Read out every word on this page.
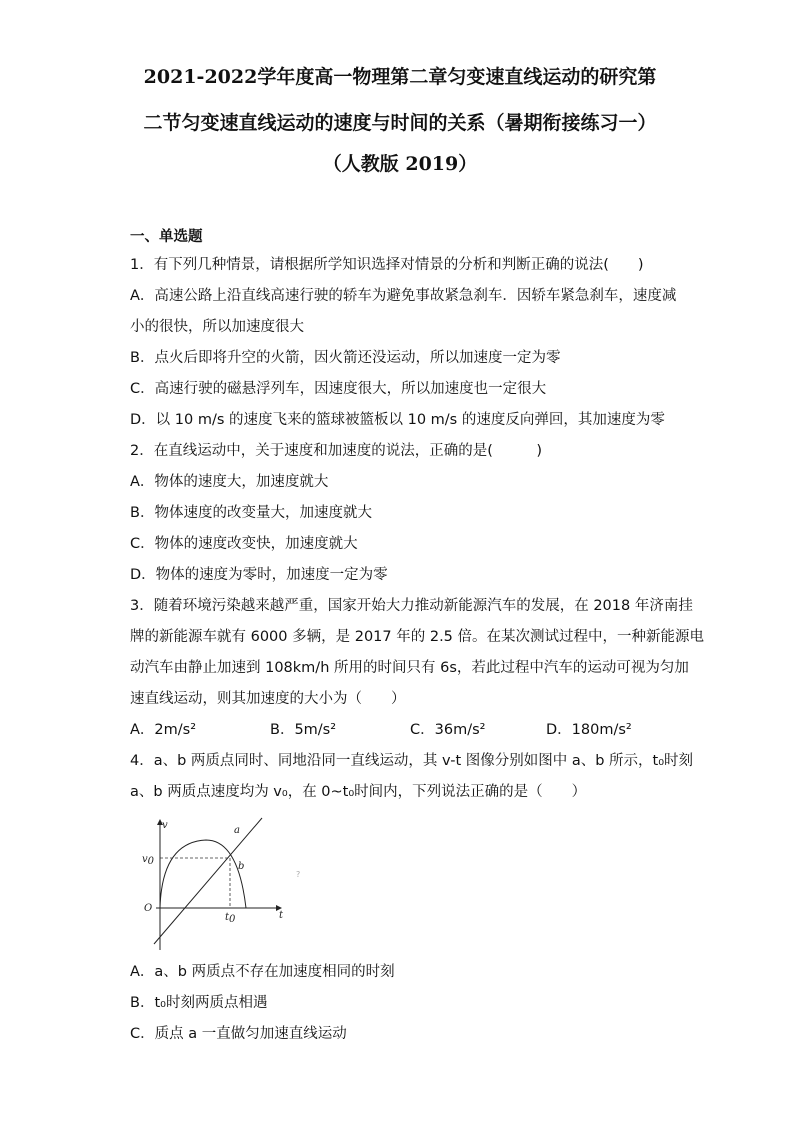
2021-2022学年度高一物理第二章匀变速直线运动的研究第
二节匀变速直线运动的速度与时间的关系（暑期衔接练习一）
（人教版 2019）
一、单选题
1．有下列几种情景，请根据所学知识选择对情景的分析和判断正确的说法(　　)
A．高速公路上沿直线高速行驶的轿车为避免事故紧急刹车．因轿车紧急刹车，速度减
小的很快，所以加速度很大
B．点火后即将升空的火箭，因火箭还没运动，所以加速度一定为零
C．高速行驶的磁悬浮列车，因速度很大，所以加速度也一定很大
D．以 10 m/s 的速度飞来的篮球被篮板以 10 m/s 的速度反向弹回，其加速度为零
2．在直线运动中，关于速度和加速度的说法，正确的是(　　　)
A．物体的速度大，加速度就大
B．物体速度的改变量大，加速度就大
C．物体的速度改变快，加速度就大
D．物体的速度为零时，加速度一定为零
3．随着环境污染越来越严重，国家开始大力推动新能源汽车的发展，在 2018 年济南挂
牌的新能源车就有 6000 多辆，是 2017 年的 2.5 倍。在某次测试过程中，一种新能源电
动汽车由静止加速到 108km/h 所用的时间只有 6s，若此过程中汽车的运动可视为匀加
速直线运动，则其加速度的大小为（　　）
A．2m/s²	B．5m/s²	C．36m/s²	D．180m/s²
4．a、b 两质点同时、同地沿同一直线运动，其 v-t 图像分别如图中 a、b 所示，t₀时刻
a、b 两质点速度均为 v₀，在 0~t₀时间内，下列说法正确的是（　　）
v
t
O
a
b
v0
t0
?
A．a、b 两质点不存在加速度相同的时刻
B．t₀时刻两质点相遇
C．质点 a 一直做匀加速直线运动
